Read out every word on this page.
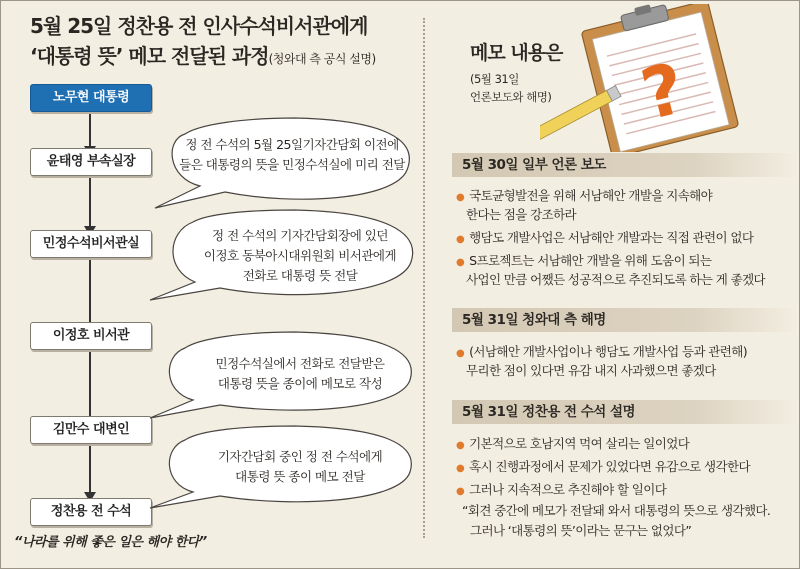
5월 25일 정찬용 전 인사수석비서관에게
‘대통령 뜻’ 메모 전달된 과정(청와대 측 공식 설명)
노무현 대통령
윤태영 부속실장
민정수석비서관실
이정호 비서관
김만수 대변인
정찬용 전 수석
정 전 수석의 5월 25일기자간담회 이전에
들은 대통령의 뜻을 민정수석실에 미리 전달
정 전 수석의 기자간담회장에 있던
이정호 동북아시대위원회 비서관에게
전화로 대통령 뜻 전달
민정수석실에서 전화로 전달받은
대통령 뜻을 종이에 메모로 작성
기자간담회 중인 정 전 수석에게
대통령 뜻 종이 메모 전달
“나라를 위해 좋은 일은 해야 한다”
메모 내용은
(5월 31일
언론보도와 해명) ?
5월 30일 일부 언론 보도
● 국토균형발전을 위해 서남해안 개발을 지속해야
한다는 점을 강조하라
● 행담도 개발사업은 서남해안 개발과는 직접 관련이 없다
● S프로젝트는 서남해안 개발을 위해 도움이 되는
사업인 만큼 어쨌든 성공적으로 추진되도록 하는 게 좋겠다
5월 31일 청와대 측 해명
● (서남해안 개발사업이나 행담도 개발사업 등과 관련해)
무리한 점이 있다면 유감 내지 사과했으면 좋겠다
5월 31일 정찬용 전 수석 설명
● 기본적으로 호남지역 먹여 살리는 일이었다
● 혹시 진행과정에서 문제가 있었다면 유감으로 생각한다
● 그러나 지속적으로 추진해야 할 일이다
“회견 중간에 메모가 전달돼 와서 대통령의 뜻으로 생각했다.
그러나 ‘대통령의 뜻’이라는 문구는 없었다”
